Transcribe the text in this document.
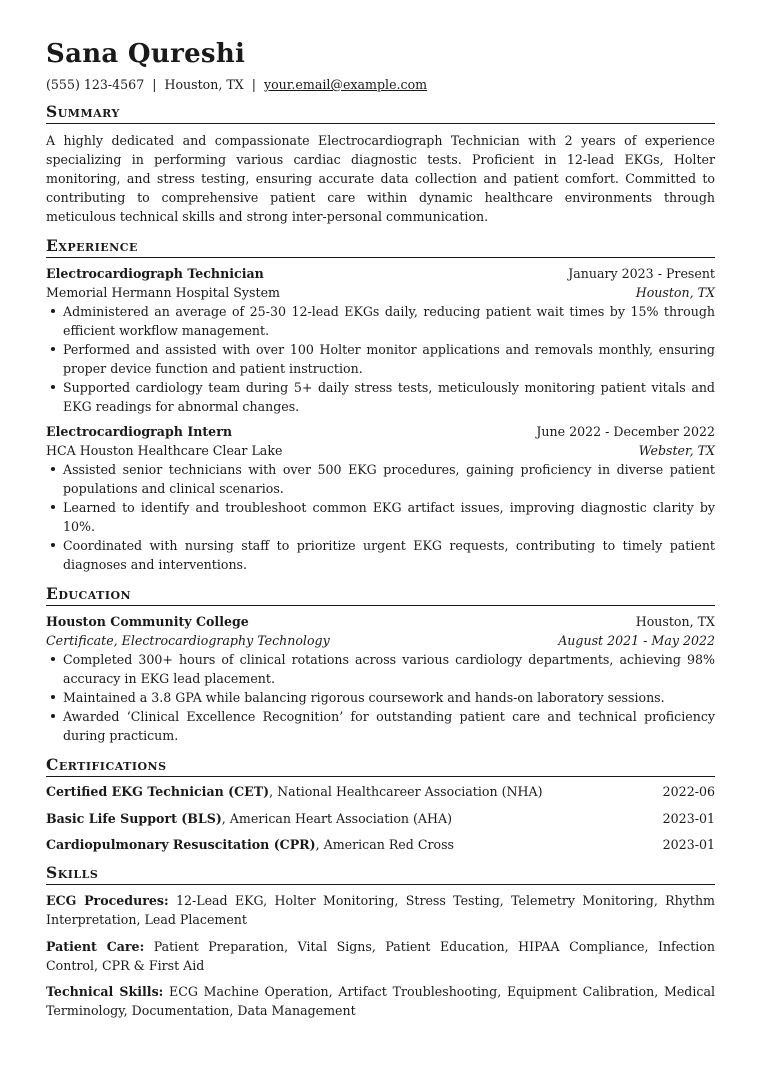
Sana Qureshi
(555) 123-4567 | Houston, TX | your.email@example.com
Summary
A highly dedicated and compassionate Electrocardiograph Technician with 2 years of experience specializing in performing various cardiac diagnostic tests. Proficient in 12-lead EKGs, Holter monitoring, and stress testing, ensuring accurate data collection and patient comfort. Committed to contributing to comprehensive patient care within dynamic healthcare environments through meticulous technical skills and strong inter-personal communication.
Experience
Electrocardiograph Technician	January 2023 - Present
Memorial Hermann Hospital System	Houston, TX
Administered an average of 25-30 12-lead EKGs daily, reducing patient wait times by 15% through efficient workflow management.
Performed and assisted with over 100 Holter monitor applications and removals monthly, ensuring proper device function and patient instruction.
Supported cardiology team during 5+ daily stress tests, meticulously monitoring patient vitals and EKG readings for abnormal changes.
Electrocardiograph Intern	June 2022 - December 2022
HCA Houston Healthcare Clear Lake	Webster, TX
Assisted senior technicians with over 500 EKG procedures, gaining proficiency in diverse patient populations and clinical scenarios.
Learned to identify and troubleshoot common EKG artifact issues, improving diagnostic clarity by 10%.
Coordinated with nursing staff to prioritize urgent EKG requests, contributing to timely patient diagnoses and interventions.
Education
Houston Community College	Houston, TX
Certificate, Electrocardiography Technology	August 2021 - May 2022
Completed 300+ hours of clinical rotations across various cardiology departments, achieving 98% accuracy in EKG lead placement.
Maintained a 3.8 GPA while balancing rigorous coursework and hands-on laboratory sessions.
Awarded ‘Clinical Excellence Recognition’ for outstanding patient care and technical proficiency during practicum.
Certifications
Certified EKG Technician (CET), National Healthcareer Association (NHA)	2022-06
Basic Life Support (BLS), American Heart Association (AHA)	2023-01
Cardiopulmonary Resuscitation (CPR), American Red Cross	2023-01
Skills
ECG Procedures: 12-Lead EKG, Holter Monitoring, Stress Testing, Telemetry Monitoring, Rhythm Interpretation, Lead Placement
Patient Care: Patient Preparation, Vital Signs, Patient Education, HIPAA Compliance, Infection Control, CPR & First Aid
Technical Skills: ECG Machine Operation, Artifact Troubleshooting, Equipment Calibration, Medical Terminology, Documentation, Data Management
